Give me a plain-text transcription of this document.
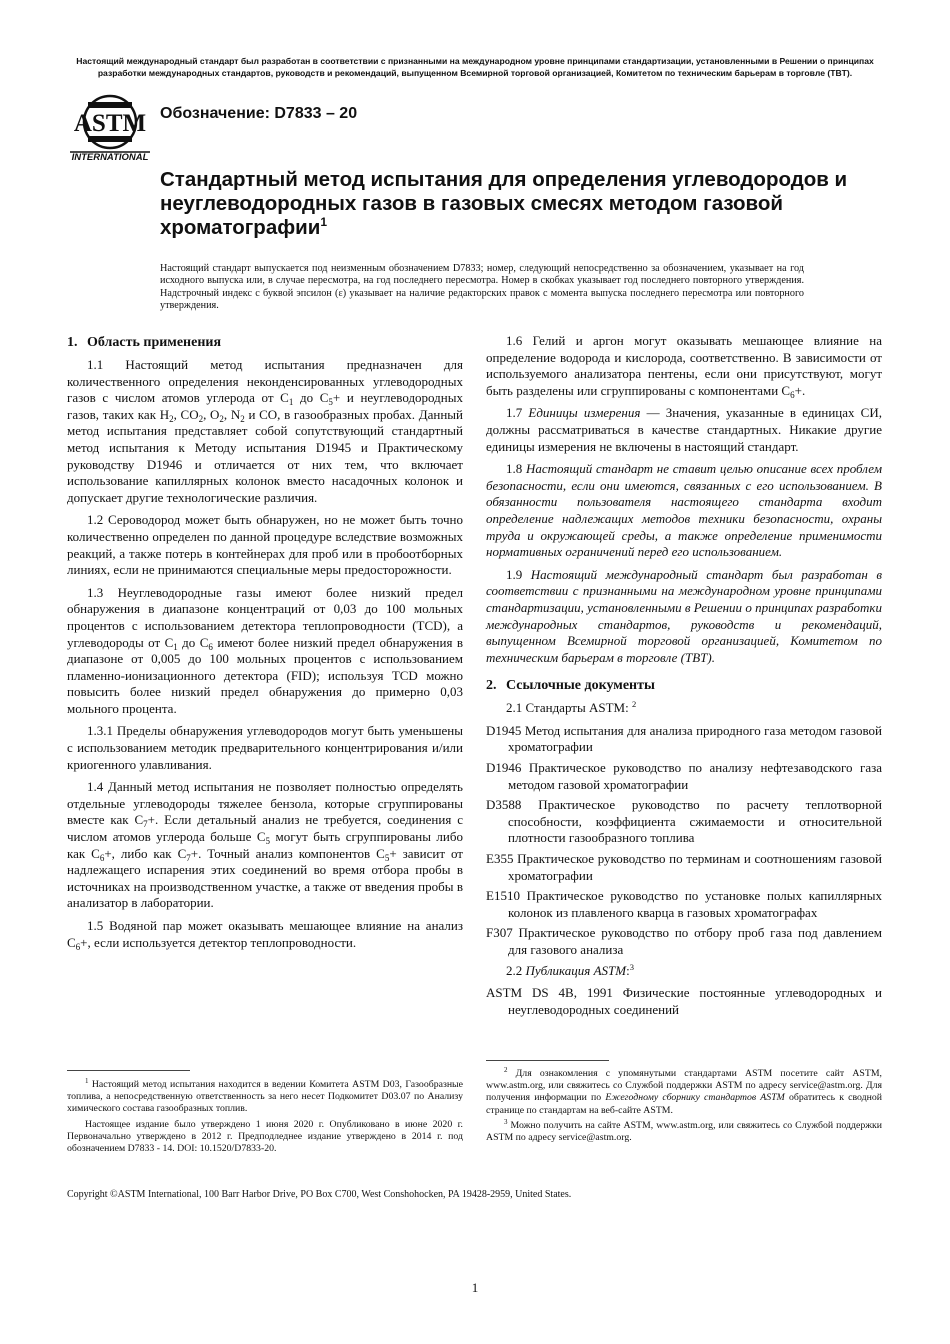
Настоящий международный стандарт был разработан в соответствии с признанными на международном уровне принципами стандартизации, установленными в Решении о принципах разработки международных стандартов, руководств и рекомендаций, выпущенном Всемирной торговой организацией, Комитетом по техническим барьерам в торговле (TBT).
ASTM
INTERNATIONAL
Обозначение: D7833 – 20
Стандартный метод испытания для определения углеводородов и неуглеводородных газов в газовых смесях методом газовой хроматографии$^1$
Настоящий стандарт выпускается под неизменным обозначением D7833; номер, следующий непосредственно за обозначением, указывает на год исходного выпуска или, в случае пересмотра, на год последнего пересмотра. Номер в скобках указывает год последнего повторного утверждения. Надстрочный индекс с буквой эпсилон (ε) указывает на наличие редакторских правок с момента выпуска последнего пересмотра или повторного утверждения.
1. Область применения

1.1 Настоящий метод испытания предназначен для количественного определения неконденсированных углеводородных газов с числом атомов углерода от $C_1$ до $C_5+ и$ неуглеводородных газов, таких как $H_2$, $CO_2$, $O_2$, $N_2$ и CO, в газообразных пробах. Данный метод испытания представляет собой сопутствующий стандартный метод испытания к Методу испытания D1945 и Практическому руководству D1946 и отличается от них тем, что включает использование капиллярных колонок вместо насадочных колонок и допускает другие технологические различия.

1.2 Сероводород может быть обнаружен, но не может быть точно количественно определен по данной процедуре вследствие возможных реакций, а также потерь в контейнерах для проб или в пробоотборных линиях, если не принимаются специальные меры предосторожности.

1.3 Неуглеводородные газы имеют более низкий предел обнаружения в диапазоне концентраций от 0,03 до 100 мольных процентов с использованием детектора теплопроводности (TCD), а углеводороды от $C_1$ до $C_6$ имеют более низкий предел обнаружения в диапазоне от 0,005 до 100 мольных процентов с использованием пламенно-ионизационного детектора (FID); используя TCD можно повысить более низкий предел обнаружения до примерно 0,03 мольного процента.

1.3.1 Пределы обнаружения углеводородов могут быть уменьшены с использованием методик предварительного концентрирования и/или криогенного улавливания.

1.4 Данный метод испытания не позволяет полностью определять отдельные углеводороды тяжелее бензола, которые сгруппированы вместе как $C_7+$. Если детальный анализ не требуется, соединения с числом атомов углерода больше $C_5$ могут быть сгруппированы либо как $C_6+$, либо как $C_7+$. Точный анализ компонентов $C_5+$ зависит от надлежащего испарения этих соединений во время отбора пробы в источниках на производственном участке, а также от введения пробы в анализатор в лаборатории.

1.5 Водяной пар может оказывать мешающее влияние на анализ $C_6+$, если используется детектор теплопроводности.

1.6 Гелий и аргон могут оказывать мешающее влияние на определение водорода и кислорода, соответственно. В зависимости от используемого анализатора пентены, если они присутствуют, могут быть разделены или сгруппированы с компонентами $C_6+$.

1.7 Единицы измерения — Значения, указанные в единицах СИ, должны рассматриваться в качестве стандартных. Никакие другие единицы измерения не включены в настоящий стандарт.

1.8 Настоящий стандарт не ставит целью описание всех проблем безопасности, если они имеются, связанных с его использованием. В обязанности пользователя настоящего стандарта входит определение надлежащих методов техники безопасности, охраны труда и окружающей среды, а также определение применимости нормативных ограничений перед его использованием.

1.9 Настоящий международный стандарт был разработан в соответствии с признанными на международном уровне принципами стандартизации, установленными в Решении о принципах разработки международных стандартов, руководств и рекомендаций, выпущенном Всемирной торговой организацией, Комитетом по техническим барьерам в торговле (TBT).

2. Ссылочные документы

2.1 Стандарты ASTM: $^2$

D1945 Метод испытания для анализа природного газа методом газовой хроматографии
D1946 Практическое руководство по анализу нефтезаводского газа методом газовой хроматографии
D3588 Практическое руководство по расчету теплотворной способности, коэффициента сжимаемости и относительной плотности газообразного топлива
E355 Практическое руководство по терминам и соотношениям газовой хроматографии
E1510 Практическое руководство по установке полых капиллярных колонок из плавленого кварца в газовых хроматографах
F307 Практическое руководство по отбору проб газа под давлением для газового анализа

2.2 Публикация ASTM:$^3$

ASTM DS 4B, 1991 Физические постоянные углеводородных и неуглеводородных соединений

$^1$ Настоящий метод испытания находится в ведении Комитета ASTM D03, Газообразные топлива, а непосредственную ответственность за него несет Подкомитет D03.07 по Анализу химического состава газообразных топлив.

Настоящее издание было утверждено 1 июня 2020 г. Опубликовано в июне 2020 г. Первоначально утверждено в 2012 г. Предподледнее издание утверждено в 2014 г. под обозначением D7833 - 14. DOI: 10.1520/D7833-20.

$^2$ Для ознакомления с упомянутыми стандартами ASTM посетите сайт ASTM, www.astm.org, или свяжитесь со Службой поддержки ASTM по адресу service@astm.org. Для получения информации по Ежегодному сборнику стандартов ASTM обратитесь к сводной странице по стандартам на веб-сайте ASTM.

$^3$ Можно получить на сайте ASTM, www.astm.org, или свяжитесь со Службой поддержки ASTM по адресу service@astm.org.

Copyright ©ASTM International, 100 Barr Harbor Drive, PO Box C700, West Conshohocken, PA 19428-2959, United States.
1
